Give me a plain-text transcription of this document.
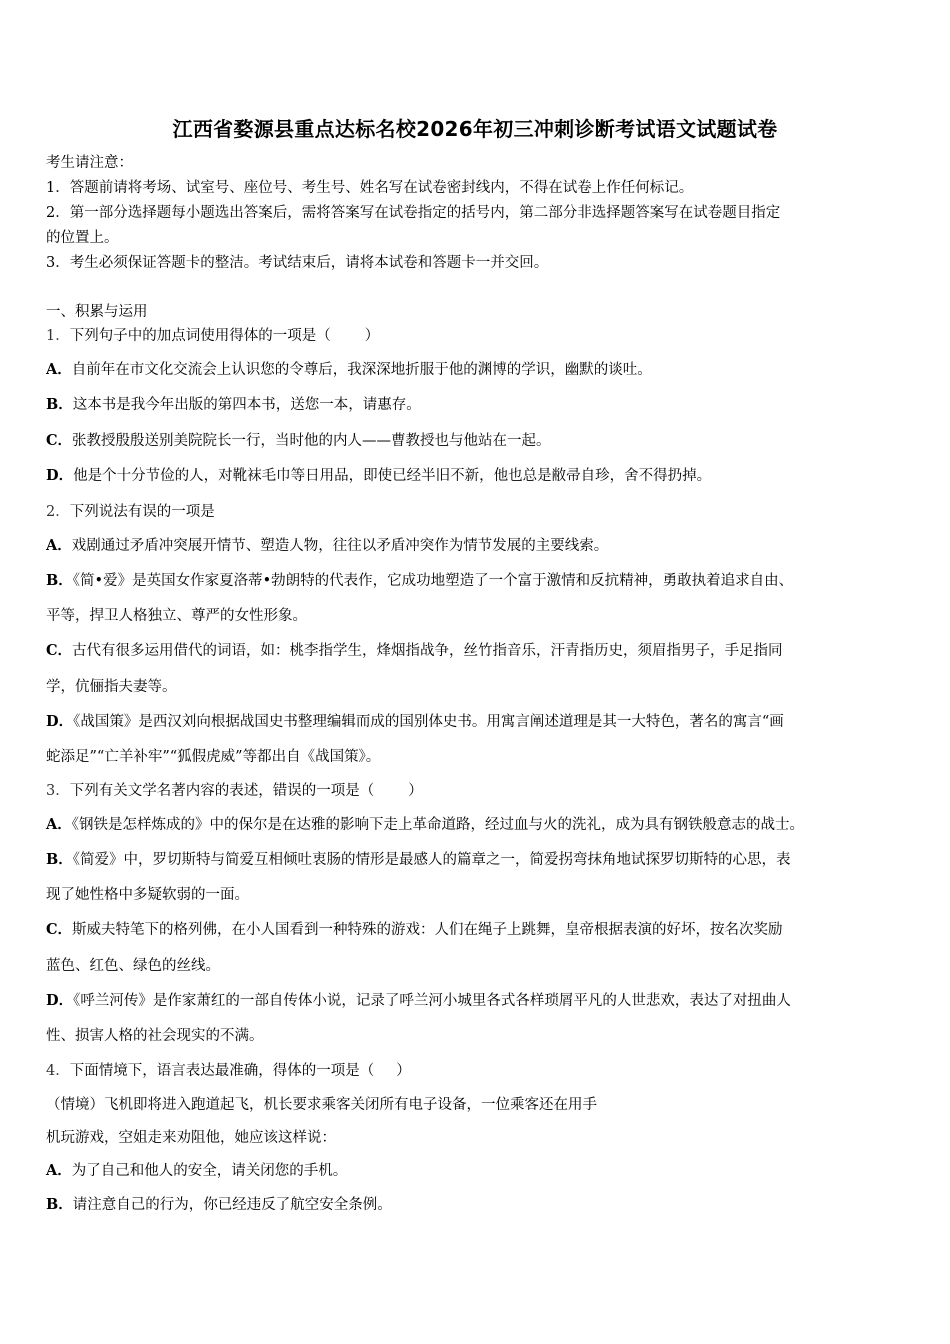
江西省婺源县重点达标名校2026年初三冲刺诊断考试语文试题试卷
考生请注意：
1．答题前请将考场、试室号、座位号、考生号、姓名写在试卷密封线内，不得在试卷上作任何标记。
2．第一部分选择题每小题选出答案后，需将答案写在试卷指定的括号内，第二部分非选择题答案写在试卷题目指定
的位置上。
3．考生必须保证答题卡的整洁。考试结束后，请将本试卷和答题卡一并交回。
一、积累与运用
1．下列句子中的加点词使用得体的一项是（ ）
A．自前年在市文化交流会上认识您的令尊后，我深深地折服于他的渊博的学识，幽默的谈吐。
B．这本书是我今年出版的第四本书，送您一本，请惠存。
C．张教授殷殷送别美院院长一行，当时他的内人——曹教授也与他站在一起。
D．他是个十分节俭的人，对靴袜毛巾等日用品，即使已经半旧不新，他也总是敝帚自珍，舍不得扔掉。
2．下列说法有误的一项是
A．戏剧通过矛盾冲突展开情节、塑造人物，往往以矛盾冲突作为情节发展的主要线索。
B．《简•爱》是英国女作家夏洛蒂•勃朗特的代表作，它成功地塑造了一个富于激情和反抗精神，勇敢执着追求自由、
平等，捍卫人格独立、尊严的女性形象。
C．古代有很多运用借代的词语，如：桃李指学生，烽烟指战争，丝竹指音乐，汗青指历史，须眉指男子，手足指同
学，伉俪指夫妻等。
D．《战国策》是西汉刘向根据战国史书整理编辑而成的国别体史书。用寓言阐述道理是其一大特色，著名的寓言“画
蛇添足”“亡羊补牢”“狐假虎威”等都出自《战国策》。
3．下列有关文学名著内容的表述，错误的一项是（ ）
A．《钢铁是怎样炼成的》中的保尔是在达雅的影响下走上革命道路，经过血与火的洗礼，成为具有钢铁般意志的战士。
B．《简爱》中，罗切斯特与简爱互相倾吐衷肠的情形是最感人的篇章之一，简爱拐弯抹角地试探罗切斯特的心思，表
现了她性格中多疑软弱的一面。
C．斯威夫特笔下的格列佛，在小人国看到一种特殊的游戏：人们在绳子上跳舞，皇帝根据表演的好坏，按名次奖励
蓝色、红色、绿色的丝线。
D．《呼兰河传》是作家萧红的一部自传体小说，记录了呼兰河小城里各式各样琐屑平凡的人世悲欢，表达了对扭曲人
性、损害人格的社会现实的不满。
4．下面情境下，语言表达最准确，得体的一项是（ ）
（情境）飞机即将进入跑道起飞，机长要求乘客关闭所有电子设备，一位乘客还在用手
机玩游戏，空姐走来劝阻他，她应该这样说：
A．为了自己和他人的安全，请关闭您的手机。
B．请注意自己的行为，你已经违反了航空安全条例。
